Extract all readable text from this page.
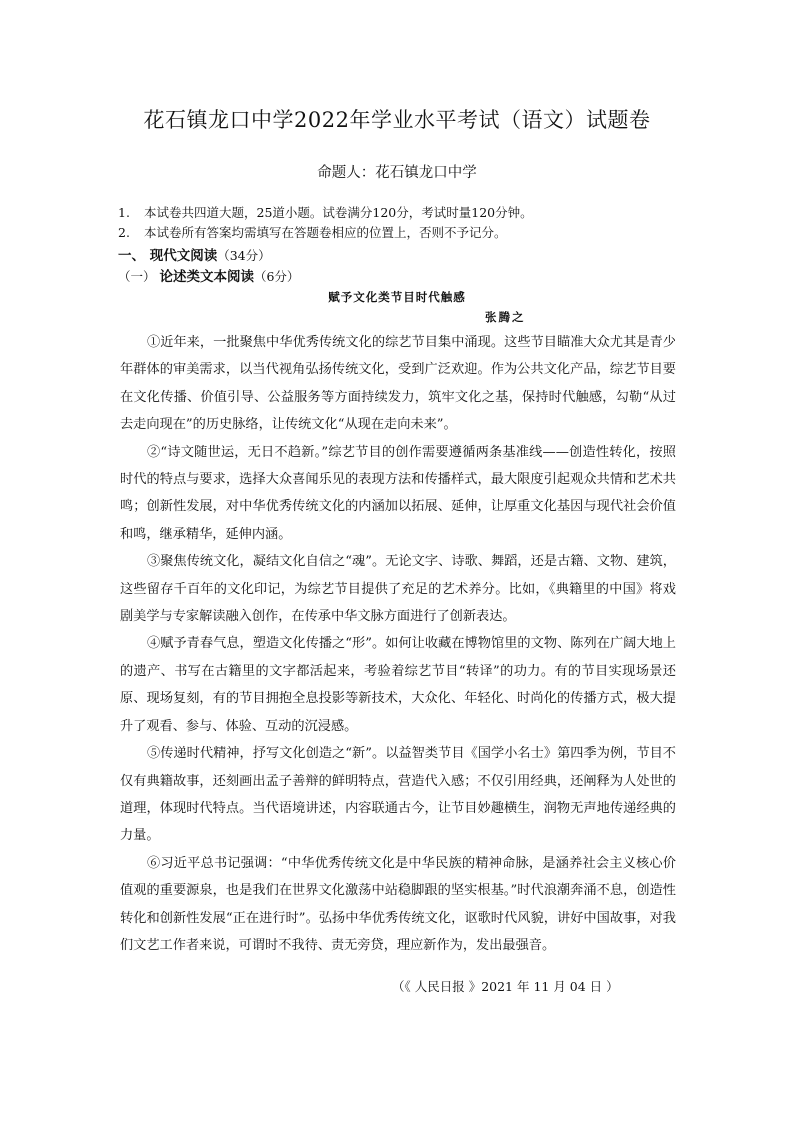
花石镇龙口中学2022年学业水平考试（语文）试题卷
命题人：花石镇龙口中学
1. 本试卷共四道大题，25道小题。试卷满分120分，考试时量120分钟。
2. 本试卷所有答案均需填写在答题卷相应的位置上，否则不予记分。
一、 现代文阅读（34分）
（一） 论述类文本阅读（6分）
赋予文化类节目时代触感
张腾之

①近年来，一批聚焦中华优秀传统文化的综艺节目集中涌现。这些节目瞄准大众尤其是青少年群体的审美需求，以当代视角弘扬传统文化，受到广泛欢迎。作为公共文化产品，综艺节目要在文化传播、价值引导、公益服务等方面持续发力，筑牢文化之基，保持时代触感，勾勒“从过去走向现在”的历史脉络，让传统文化“从现在走向未来”。

②“诗文随世运，无日不趋新。”综艺节目的创作需要遵循两条基准线——创造性转化，按照时代的特点与要求，选择大众喜闻乐见的表现方法和传播样式，最大限度引起观众共情和艺术共鸣；创新性发展，对中华优秀传统文化的内涵加以拓展、延伸，让厚重文化基因与现代社会价值和鸣，继承精华，延伸内涵。

③聚焦传统文化，凝结文化自信之“魂”。无论文字、诗歌、舞蹈，还是古籍、文物、建筑，这些留存千百年的文化印记，为综艺节目提供了充足的艺术养分。比如，《典籍里的中国》将戏剧美学与专家解读融入创作，在传承中华文脉方面进行了创新表达。

④赋予青春气息，塑造文化传播之“形”。如何让收藏在博物馆里的文物、陈列在广阔大地上的遗产、书写在古籍里的文字都活起来，考验着综艺节目“转译”的功力。有的节目实现场景还原、现场复刻，有的节目拥抱全息投影等新技术，大众化、年轻化、时尚化的传播方式，极大提升了观看、参与、体验、互动的沉浸感。

⑤传递时代精神，抒写文化创造之“新”。以益智类节目《国学小名士》第四季为例，节目不仅有典籍故事，还刻画出孟子善辩的鲜明特点，营造代入感；不仅引用经典，还阐释为人处世的道理，体现时代特点。当代语境讲述，内容联通古今，让节目妙趣横生，润物无声地传递经典的力量。

⑥习近平总书记强调：“中华优秀传统文化是中华民族的精神命脉，是涵养社会主义核心价值观的重要源泉，也是我们在世界文化激荡中站稳脚跟的坚实根基。”时代浪潮奔涌不息，创造性转化和创新性发展“正在进行时”。弘扬中华优秀传统文化，讴歌时代风貌，讲好中国故事，对我们文艺工作者来说，可谓时不我待、责无旁贷，理应新作为，发出最强音。

（《 人民日报 》2021 年 11 月 04 日 ）
